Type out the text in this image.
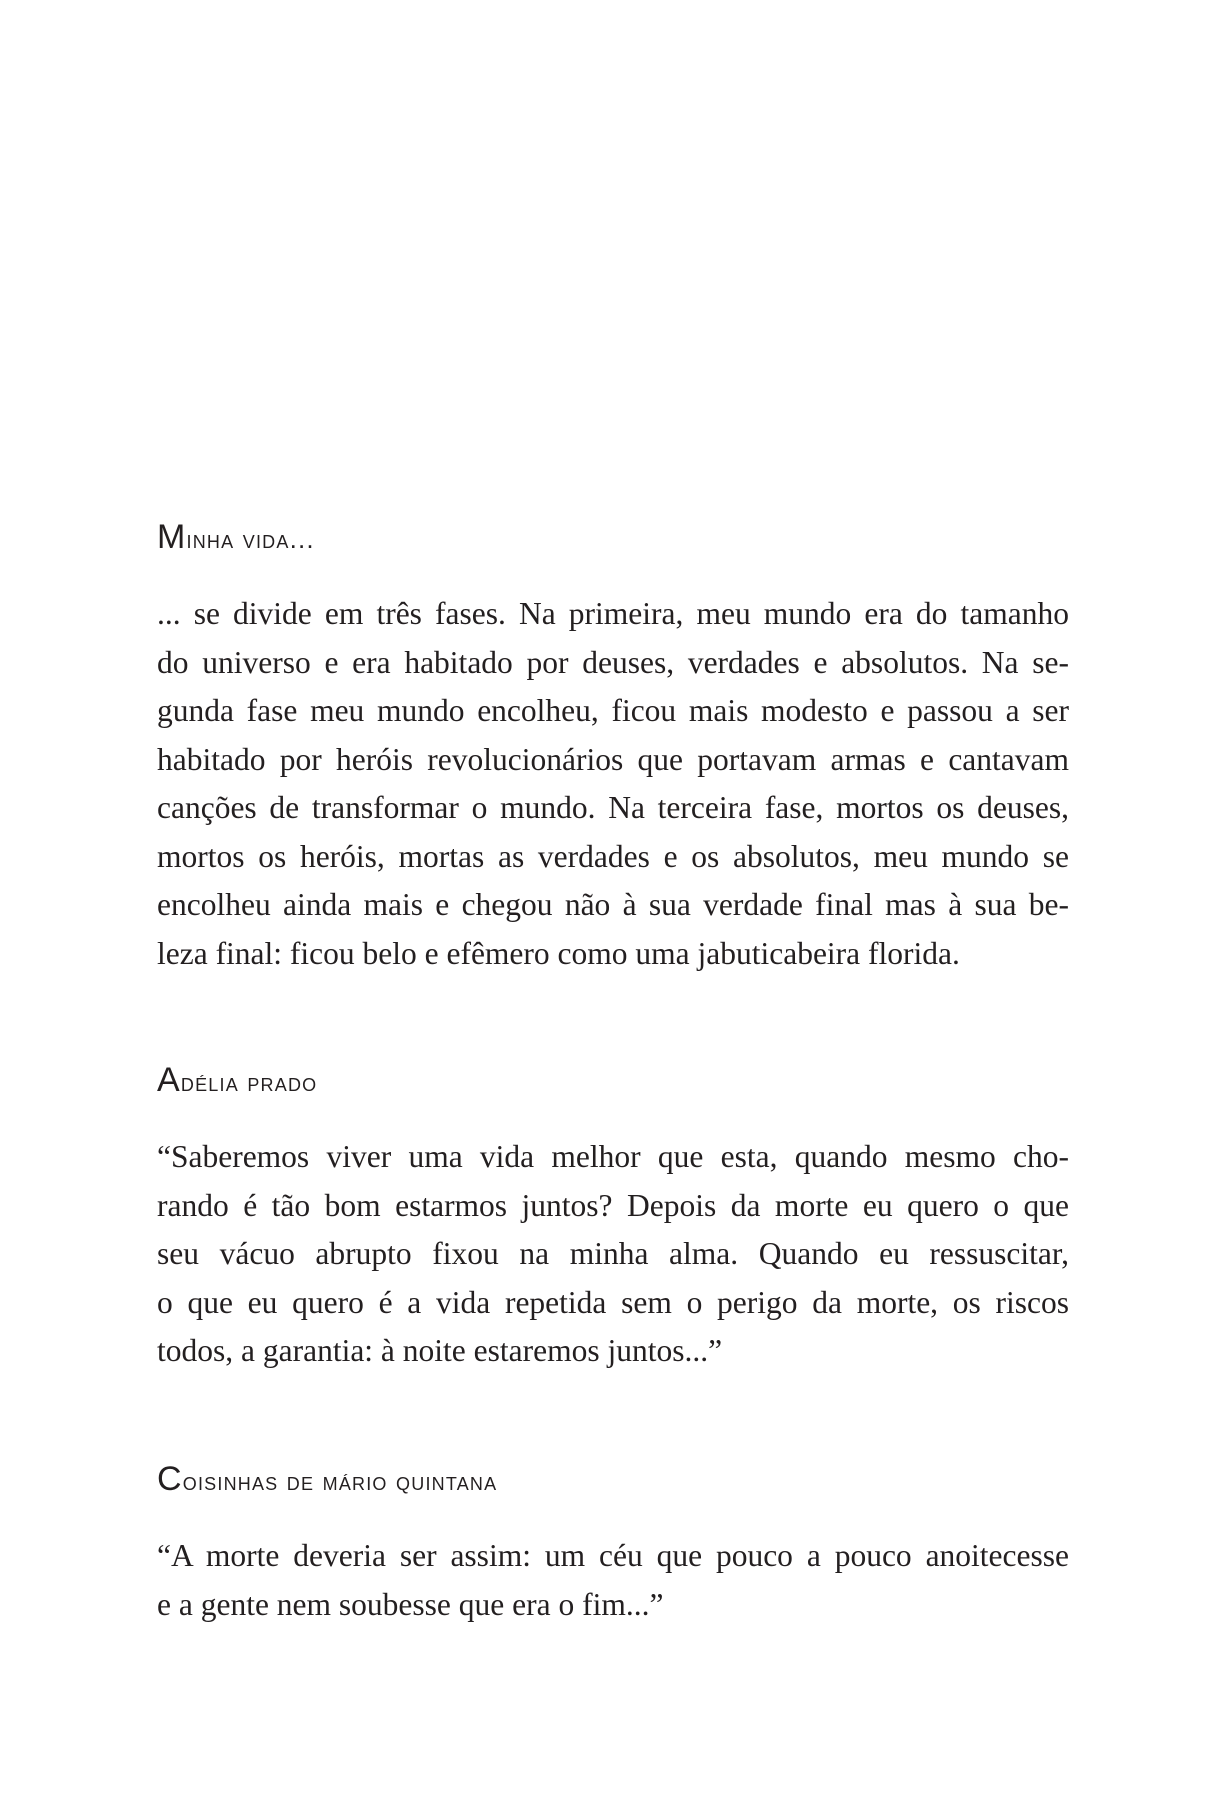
Minha vida...
... se divide em três fases. Na primeira, meu mundo era do tamanho
do universo e era habitado por deuses, verdades e absolutos. Na se-
gunda fase meu mundo encolheu, ficou mais modesto e passou a ser
habitado por heróis revolucionários que portavam armas e cantavam
canções de transformar o mundo. Na terceira fase, mortos os deuses,
mortos os heróis, mortas as verdades e os absolutos, meu mundo se
encolheu ainda mais e chegou não à sua verdade final mas à sua be-
leza final: ficou belo e efêmero como uma jabuticabeira florida.
Adélia prado
“Saberemos viver uma vida melhor que esta, quando mesmo cho-
rando é tão bom estarmos juntos? Depois da morte eu quero o que
seu vácuo abrupto fixou na minha alma. Quando eu ressuscitar,
o que eu quero é a vida repetida sem o perigo da morte, os riscos
todos, a garantia: à noite estaremos juntos...”
Coisinhas de mário quintana
“A morte deveria ser assim: um céu que pouco a pouco anoitecesse
e a gente nem soubesse que era o fim...”
